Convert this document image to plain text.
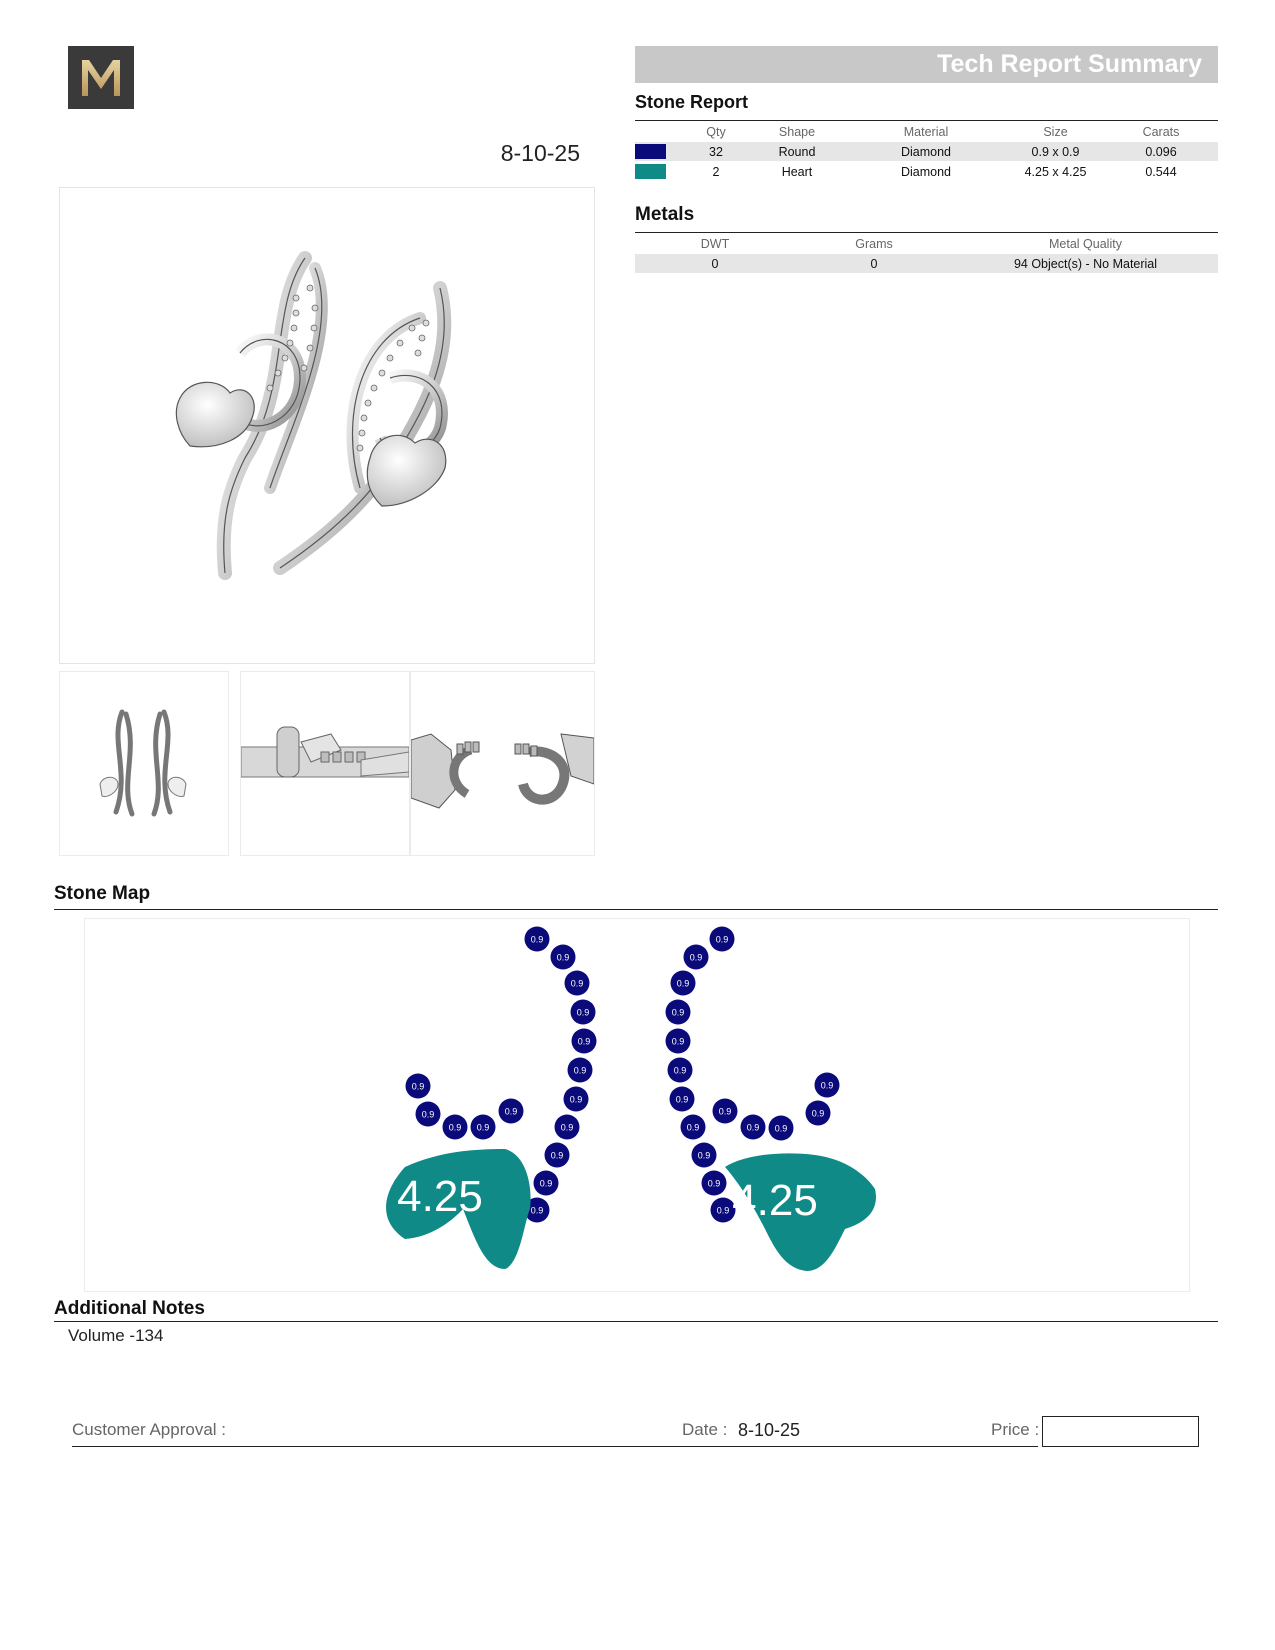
8-10-25
Tech Report Summary
Stone Report
	Qty	Shape	Material	Size	Carats
	32	Round	Diamond	0.9 x 0.9	0.096
	2	Heart	Diamond	4.25 x 4.25	0.544
Metals
DWT	Grams	Metal Quality
0	0	94 Object(s) - No Material
Stone Map
0.9
0.9
0.9
0.9
0.9
0.9
0.9
0.9
0.9
0.9
0.9
0.9
0.9
0.9 0.9
0.9
0.9
0.9
0.9
0.9
0.9
0.9
0.9
0.9
0.9
0.9
0.9
0.9
0.9
0.9
0.9
0.9
4.25	4.25
Additional Notes
Volume -134
Customer Approval :	Date : 8-10-25	Price :
